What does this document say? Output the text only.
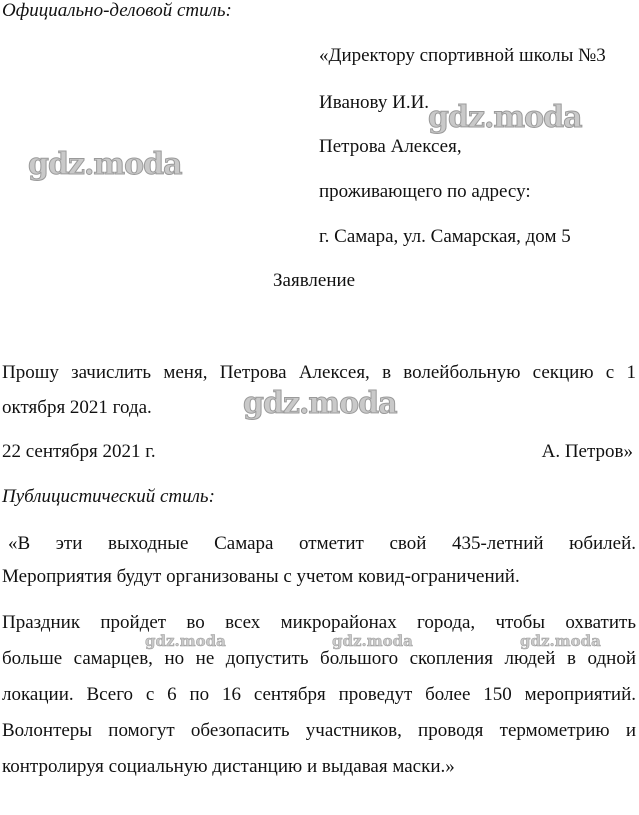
Официально-деловой стиль:
«Директору спортивной школы №3
Иванову И.И.
Петрова Алексея,
проживающего по адресу:
г. Самара, ул. Самарская, дом 5
Заявление
Прошу зачислить меня, Петрова Алексея, в волейбольную секцию с 1
октября 2021 года.
22 сентября 2021 г.	А. Петров»
Публицистический стиль:
«В эти выходные Самара отметит свой 435-летний юбилей.
Мероприятия будут организованы с учетом ковид-ограничений.
Праздник пройдет во всех микрорайонах города, чтобы охватить
больше самарцев, но не допустить большого скопления людей в одной
локации. Всего с 6 по 16 сентября проведут более 150 мероприятий.
Волонтеры помогут обезопасить участников, проводя термометрию и
контролируя социальную дистанцию и выдавая маски.»
gdz.moda
gdz.moda
gdz.moda
gdz.moda	gdz.moda	gdz.moda
